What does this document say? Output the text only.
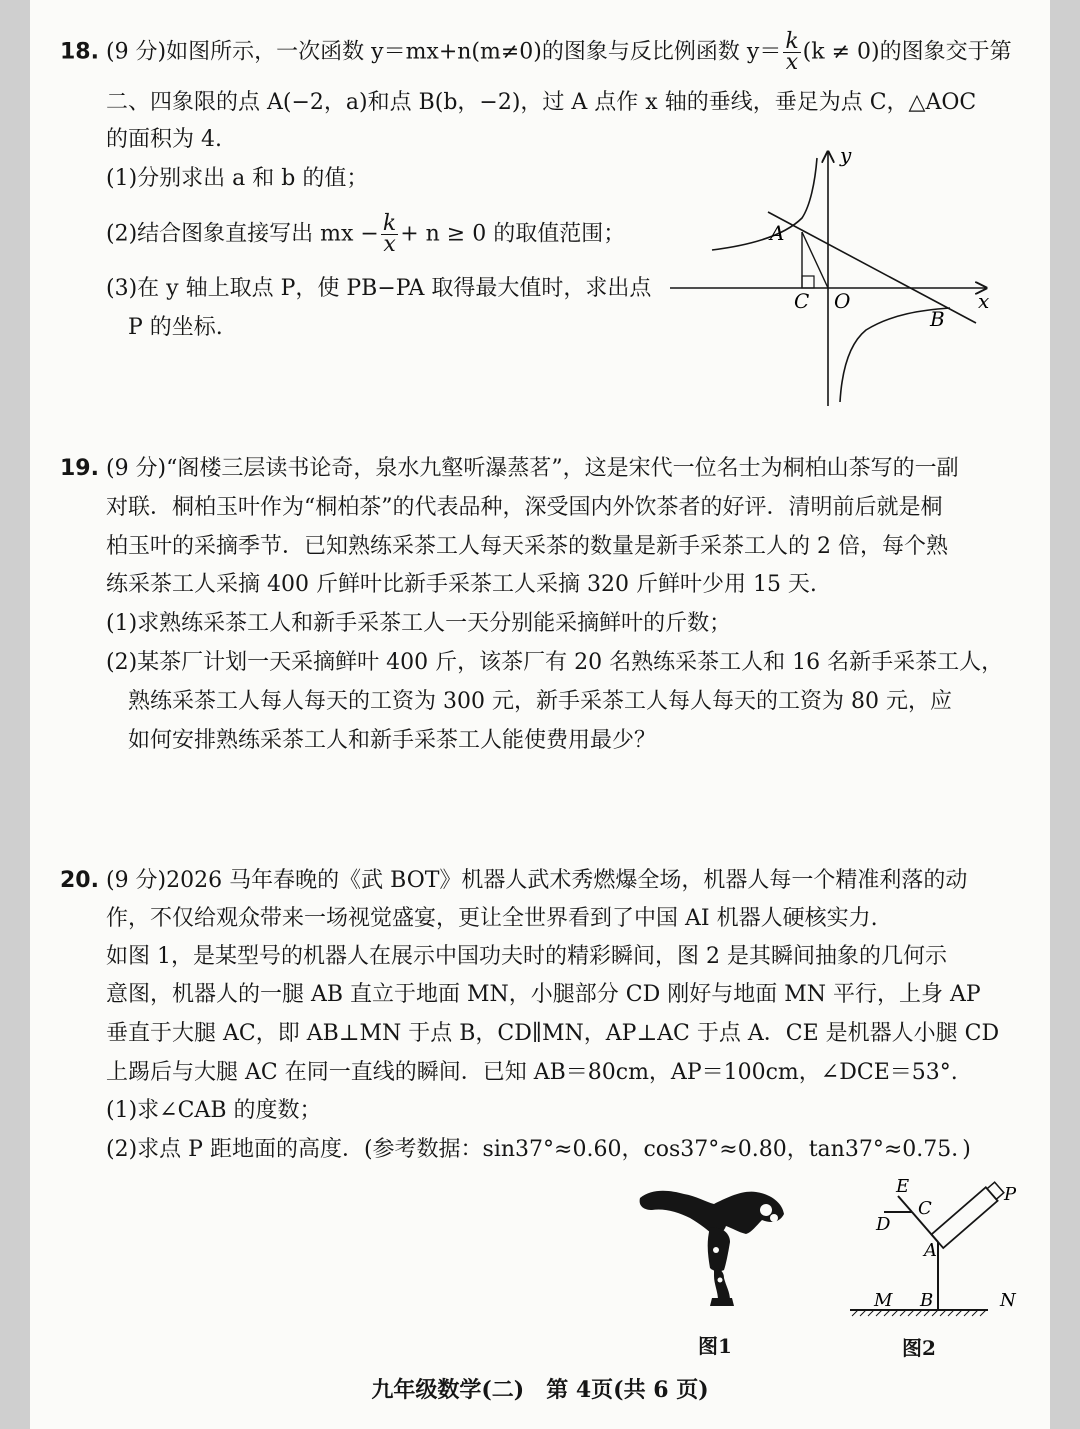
18. (9 分)如图所示，一次函数 y＝mx+n(m≠0)的图象与反比例函数 $y= \frac{k}{x} (k \ne 0)$的图象交于第
二、四象限的点 A(−2，a)和点 B(b，−2)，过 A 点作 x 轴的垂线，垂足为点 C，△AOC
的面积为 4.
(1)分别求出 a 和 b 的值；
(2)结合图象直接写出 mx − $\frac{k}{x} + n \ge 0$ 的取值范围；
(3)在 y 轴上取点 P，使 PB−PA 取得最大值时，求出点
P 的坐标.
y
x
A
B
C O
19. (9 分)“阁楼三层读书论奇，泉水九壑听瀑蒸茗”，这是宋代一位名士为桐柏山茶写的一副
对联．桐柏玉叶作为“桐柏茶”的代表品种，深受国内外饮茶者的好评．清明前后就是桐
柏玉叶的采摘季节．已知熟练采茶工人每天采茶的数量是新手采茶工人的 2 倍，每个熟
练采茶工人采摘 400 斤鲜叶比新手采茶工人采摘 320 斤鲜叶少用 15 天.
(1)求熟练采茶工人和新手采茶工人一天分别能采摘鲜叶的斤数；
(2)某茶厂计划一天采摘鲜叶 400 斤，该茶厂有 20 名熟练采茶工人和 16 名新手采茶工人，
熟练采茶工人每人每天的工资为 300 元，新手采茶工人每人每天的工资为 80 元，应
如何安排熟练采茶工人和新手采茶工人能使费用最少？
20. (9 分)2026 马年春晚的《武 BOT》机器人武术秀燃爆全场，机器人每一个精准利落的动
作，不仅给观众带来一场视觉盛宴，更让全世界看到了中国 AI 机器人硬核实力.
如图 1，是某型号的机器人在展示中国功夫时的精彩瞬间，图 2 是其瞬间抽象的几何示
意图，机器人的一腿 AB 直立于地面 MN，小腿部分 CD 刚好与地面 MN 平行，上身 AP
垂直于大腿 AC，即 AB⊥MN 于点 B，CD∥MN，AP⊥AC 于点 A．CE 是机器人小腿 CD
上踢后与大腿 AC 在同一直线的瞬间．已知 AB＝80cm，AP＝100cm，∠DCE＝53°.
(1)求∠CAB 的度数；
(2)求点 P 距地面的高度．(参考数据：sin37°≈0.60，cos37°≈0.80，tan37°≈0.75．)
图1
E
C
D
A
P
M B	N
图2
九年级数学(二)　第 4页(共 6 页)
